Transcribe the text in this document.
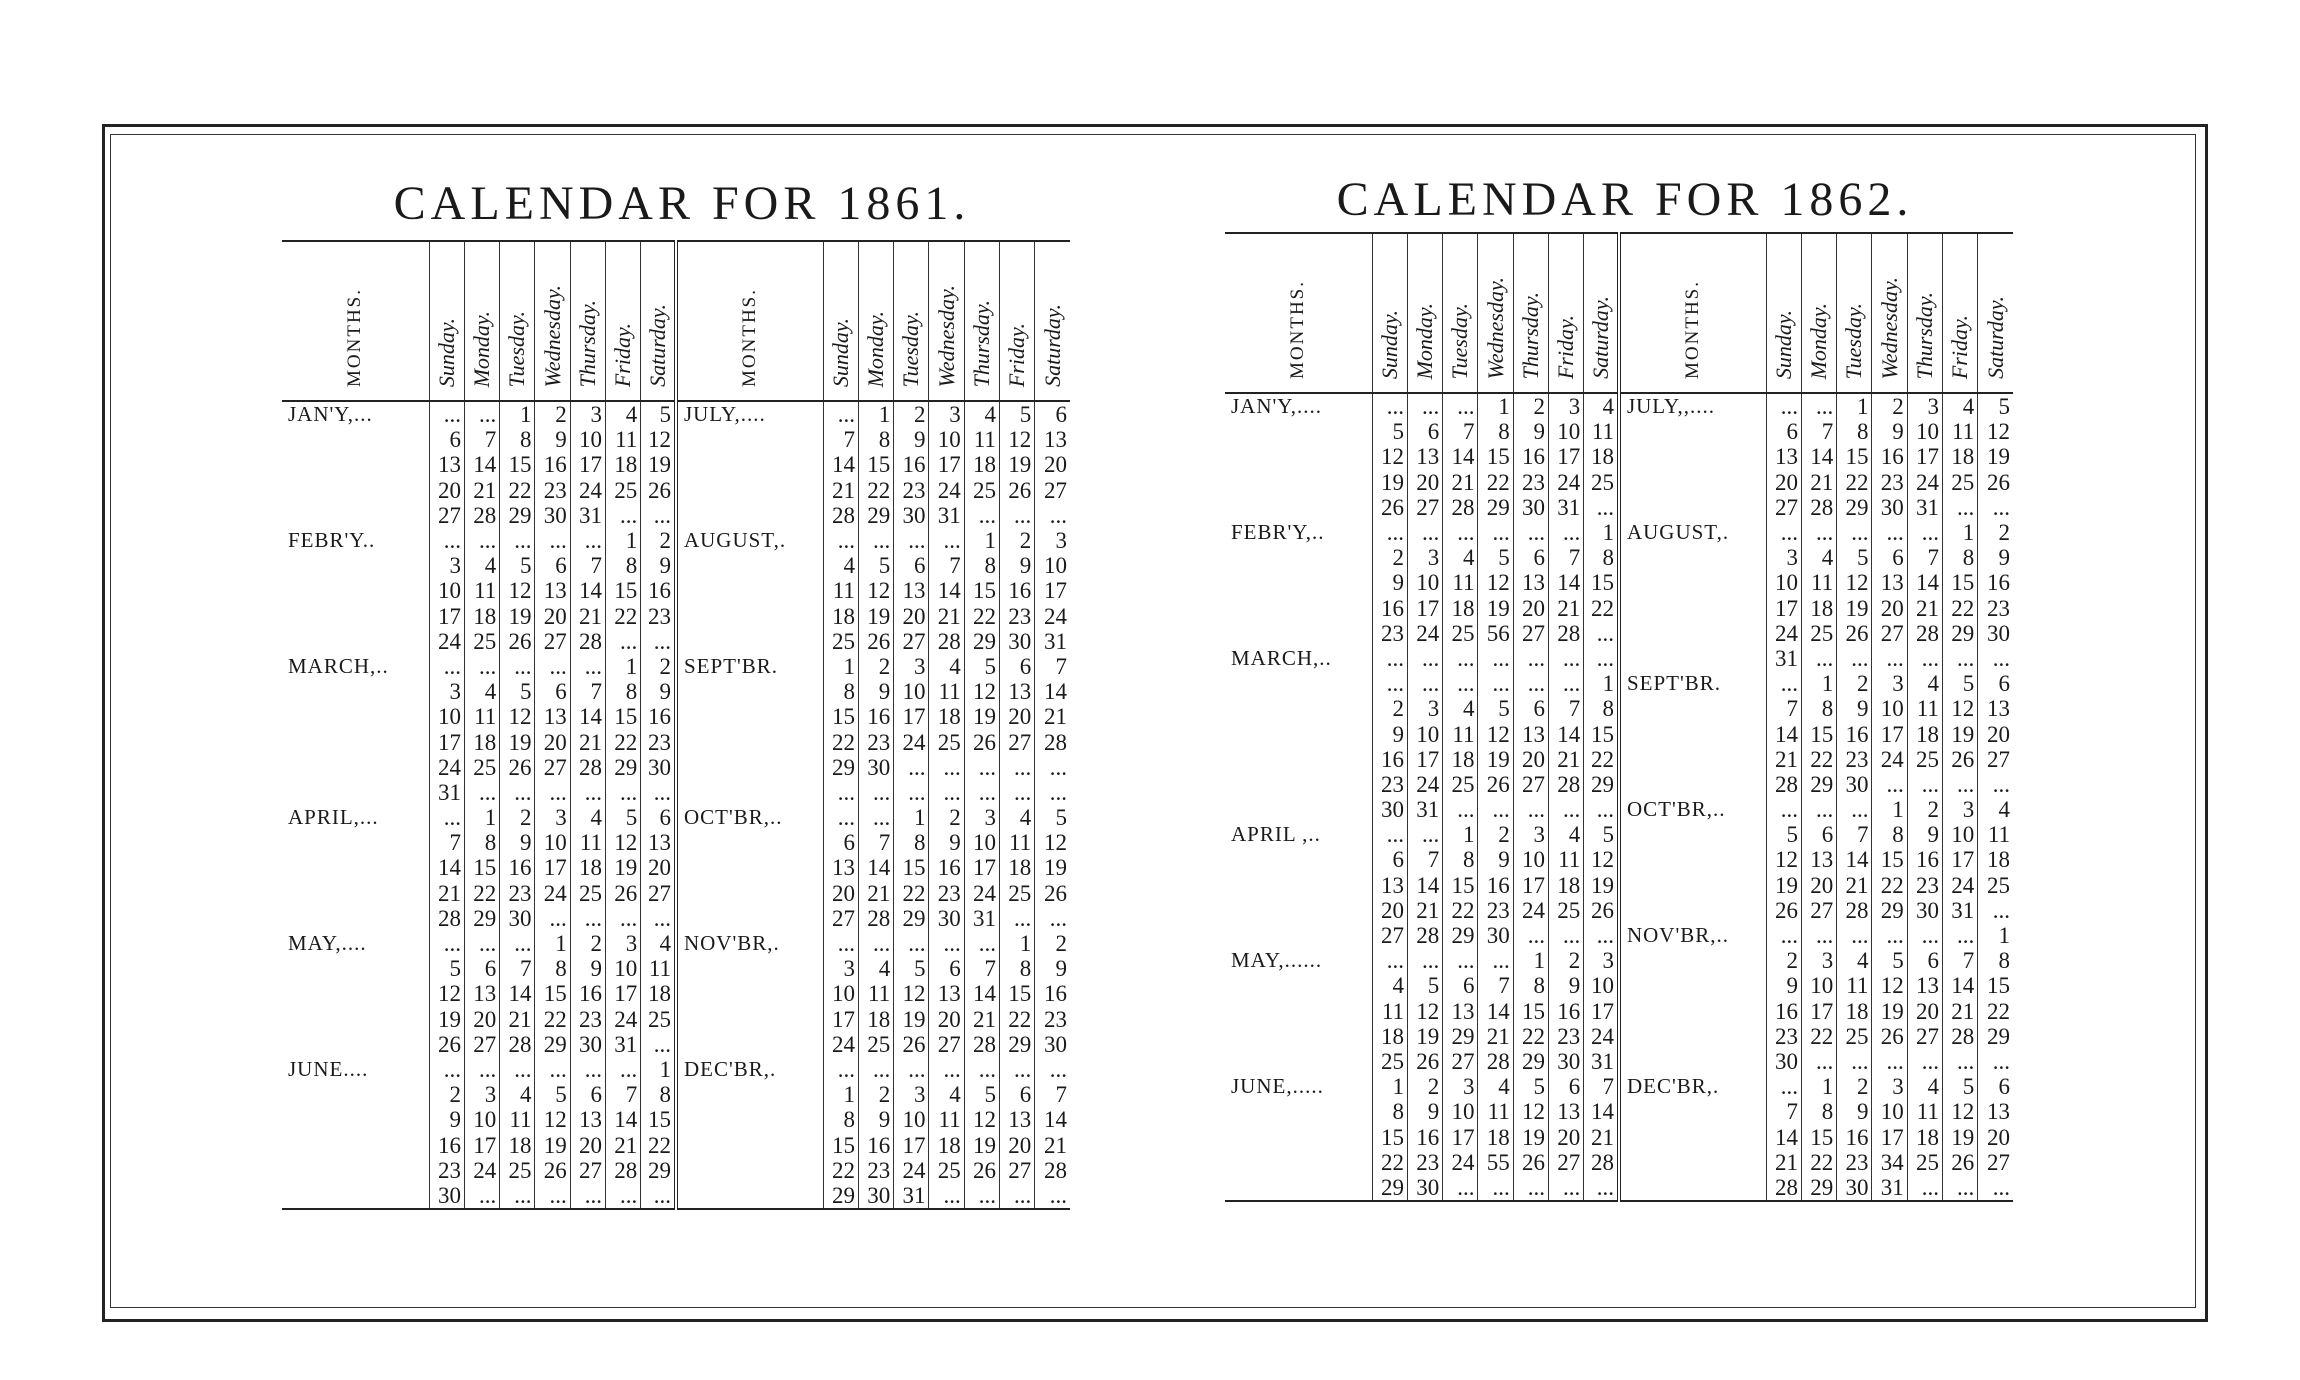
CALENDAR FOR 1861.	CALENDAR FOR 1862.
MONTHS.	Sunday.	Monday.	Tuesday.	Wednesday.	Thursday.	Friday.	Saturday.	MONTHS.	Sunday.	Monday.	Tuesday.	Wednesday.	Thursday.	Friday.	Saturday.
JAN'Y,...	...	...	1	2	3	4	5	JULY,....	...	1	2	3	4	5	6
	6	7	8	9	10	11	12		7	8	9	10	11	12	13
	13	14	15	16	17	18	19		14	15	16	17	18	19	20
	20	21	22	23	24	25	26		21	22	23	24	25	26	27
	27	28	29	30	31	...	...		28	29	30	31	...	...	...
FEBR'Y..	...	...	...	...	...	1	2	AUGUST,.	...	...	...	...	1	2	3
	3	4	5	6	7	8	9		4	5	6	7	8	9	10
	10	11	12	13	14	15	16		11	12	13	14	15	16	17
	17	18	19	20	21	22	23		18	19	20	21	22	23	24
	24	25	26	27	28	...	...		25	26	27	28	29	30	31
MARCH,..	...	...	...	...	...	1	2	SEPT'BR.	1	2	3	4	5	6	7
	3	4	5	6	7	8	9		8	9	10	11	12	13	14
	10	11	12	13	14	15	16		15	16	17	18	19	20	21
	17	18	19	20	21	22	23		22	23	24	25	26	27	28
	24	25	26	27	28	29	30		29	30	...	...	...	...	...
	31	...	...	...	...	...	...		...	...	...	...	...	...	...
APRIL,...	...	1	2	3	4	5	6	OCT'BR,..	...	...	1	2	3	4	5
	7	8	9	10	11	12	13		6	7	8	9	10	11	12
	14	15	16	17	18	19	20		13	14	15	16	17	18	19
	21	22	23	24	25	26	27		20	21	22	23	24	25	26
	28	29	30	...	...	...	...		27	28	29	30	31	...	...
MAY,....	...	...	...	1	2	3	4	NOV'BR,.	...	...	...	...	...	1	2
	5	6	7	8	9	10	11		3	4	5	6	7	8	9
	12	13	14	15	16	17	18		10	11	12	13	14	15	16
	19	20	21	22	23	24	25		17	18	19	20	21	22	23
	26	27	28	29	30	31	...		24	25	26	27	28	29	30
JUNE....	...	...	...	...	...	...	1	DEC'BR,.	...	...	...	...	...	...	...
	2	3	4	5	6	7	8		1	2	3	4	5	6	7
	9	10	11	12	13	14	15		8	9	10	11	12	13	14
	16	17	18	19	20	21	22		15	16	17	18	19	20	21
	23	24	25	26	27	28	29		22	23	24	25	26	27	28
	30	...	...	...	...	...	...		29	30	31	...	...	...	...
MONTHS.	Sunday.	Monday.	Tuesday.	Wednesday.	Thursday.	Friday.	Saturday.	MONTHS.	Sunday.	Monday.	Tuesday.	Wednesday.	Thursday.	Friday.	Saturday.
JAN'Y,....	...	...	...	1	2	3	4	JULY,,....	...	...	1	2	3	4	5
	5	6	7	8	9	10	11		6	7	8	9	10	11	12
	12	13	14	15	16	17	18		13	14	15	16	17	18	19
	19	20	21	22	23	24	25		20	21	22	23	24	25	26
	26	27	28	29	30	31	...		27	28	29	30	31	...	...
FEBR'Y,..	...	...	...	...	...	...	1	AUGUST,.	...	...	...	...	...	1	2
	2	3	4	5	6	7	8		3	4	5	6	7	8	9
	9	10	11	12	13	14	15		10	11	12	13	14	15	16
	16	17	18	19	20	21	22		17	18	19	20	21	22	23
	23	24	25	56	27	28	...		24	25	26	27	28	29	30
MARCH,..	...	...	...	...	...	...	...		31	...	...	...	...	...	...
	...	...	...	...	...	...	1	SEPT'BR.	...	1	2	3	4	5	6
	2	3	4	5	6	7	8		7	8	9	10	11	12	13
	9	10	11	12	13	14	15		14	15	16	17	18	19	20
	16	17	18	19	20	21	22		21	22	23	24	25	26	27
	23	24	25	26	27	28	29		28	29	30	...	...	...	...
	30	31	...	...	...	...	...	OCT'BR,..	...	...	...	1	2	3	4
APRIL ,..	...	...	1	2	3	4	5		5	6	7	8	9	10	11
	6	7	8	9	10	11	12		12	13	14	15	16	17	18
	13	14	15	16	17	18	19		19	20	21	22	23	24	25
	20	21	22	23	24	25	26		26	27	28	29	30	31	...
	27	28	29	30	...	...	...	NOV'BR,..	...	...	...	...	...	...	1
MAY,......	...	...	...	...	1	2	3		2	3	4	5	6	7	8
	4	5	6	7	8	9	10		9	10	11	12	13	14	15
	11	12	13	14	15	16	17		16	17	18	19	20	21	22
	18	19	29	21	22	23	24		23	22	25	26	27	28	29
	25	26	27	28	29	30	31		30	...	...	...	...	...	...
JUNE,.....	1	2	3	4	5	6	7	DEC'BR,.	...	1	2	3	4	5	6
	8	9	10	11	12	13	14		7	8	9	10	11	12	13
	15	16	17	18	19	20	21		14	15	16	17	18	19	20
	22	23	24	55	26	27	28		21	22	23	34	25	26	27
	29	30	...	...	...	...	...		28	29	30	31	...	...	...
